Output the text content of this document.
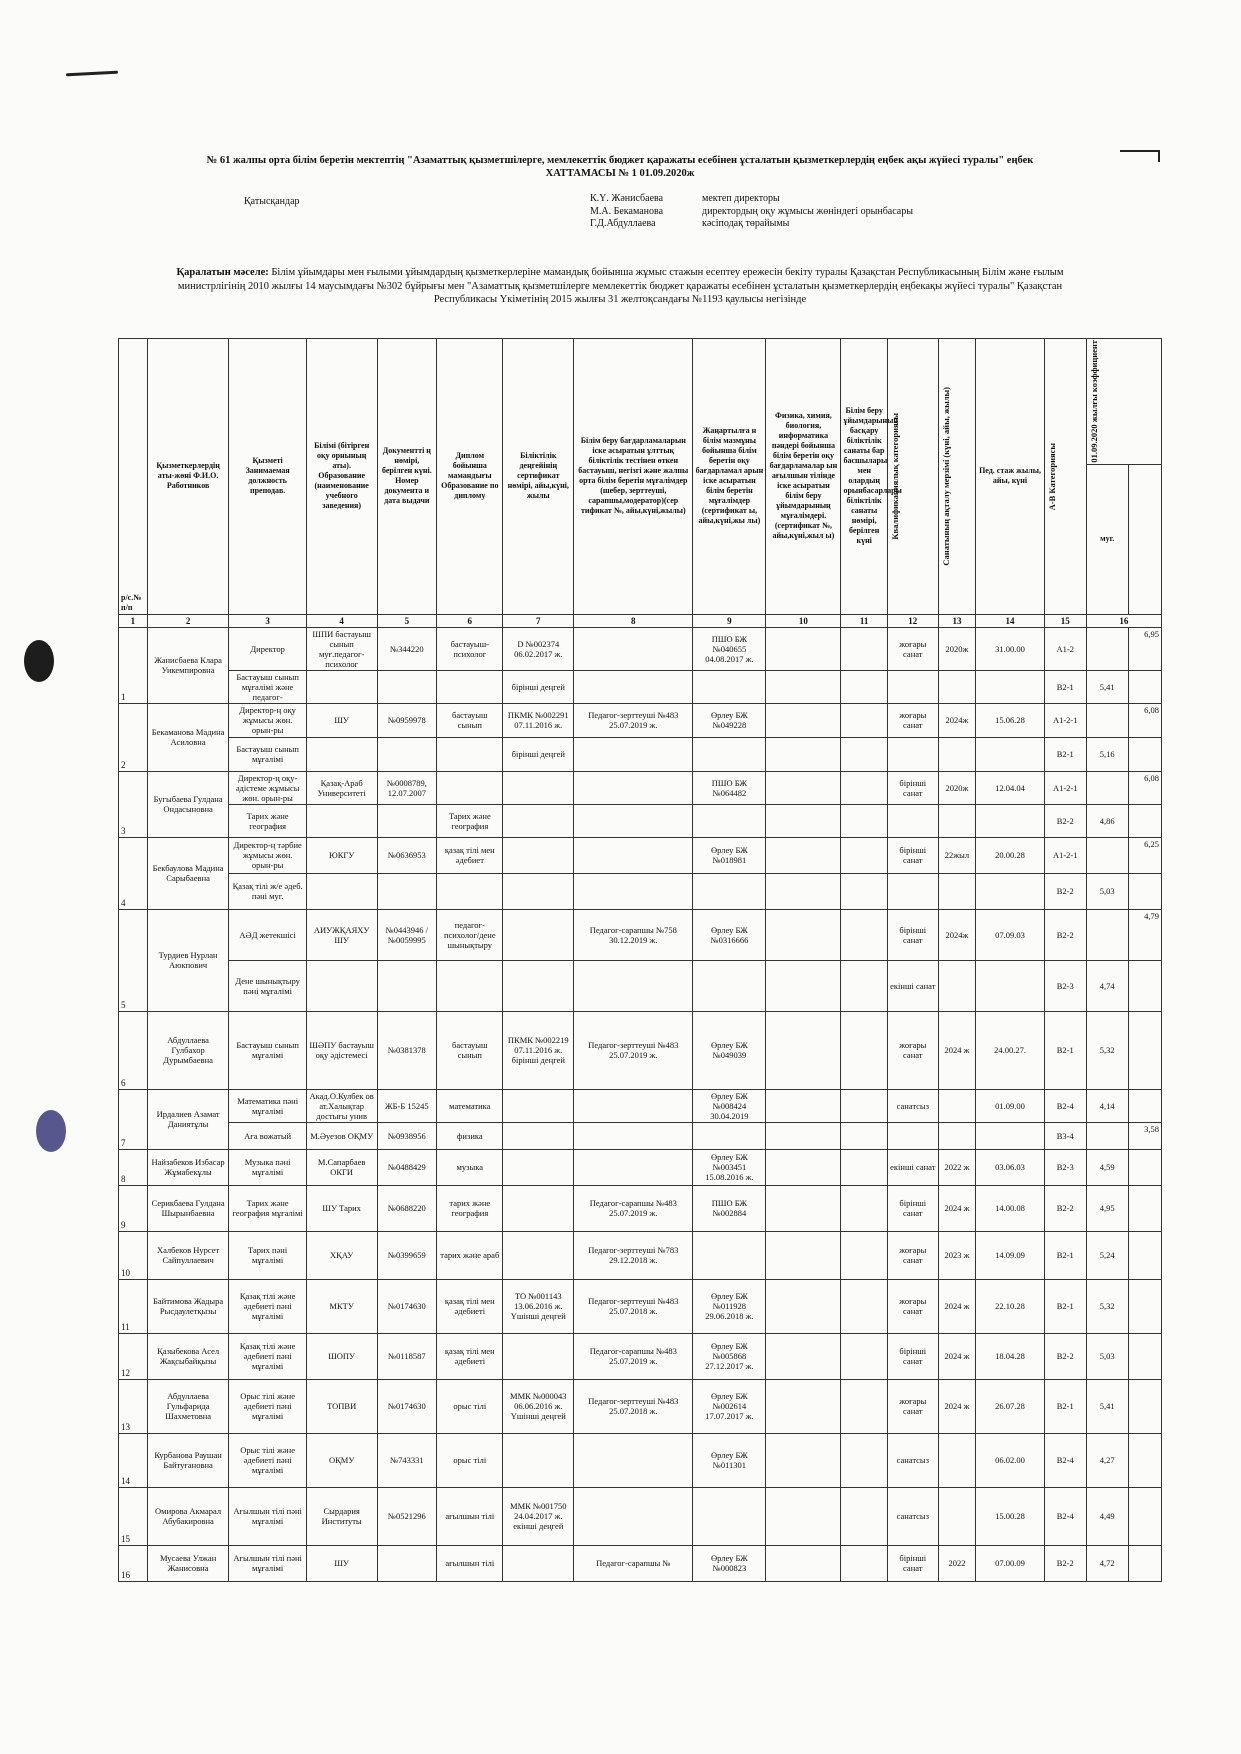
№ 61 жалпы орта білім беретін мектептің "Азаматтық қызметшілерге, мемлекеттік бюджет қаражаты есебінен ұсталатын қызметкерлердің еңбек ақы жүйесі туралы" еңбек
ХАТТАМАСЫ № 1 01.09.2020ж
Қатысқандар	К.Ү. Жәнисбаева	мектеп директоры
М.А. Бекаманова	директордың оқу жұмысы жөніндегі орынбасары
Г.Д.Абдуллаева	кәсіподақ төрайымы
Қаралатын мәселе: Білім ұйымдары мен ғылыми ұйымдардың қызметкерлеріне мамандық бойынша жұмыс стажын есептеу ережесін бекіту туралы Қазақстан Республикасының Білім және ғылым министрлігінің 2010 жылғы 14 маусымдағы №302 бұйрығы мен "Азаматтық қызметшілерге мемлекеттік бюджет қаражаты есебінен ұсталатын қызметкерлердің еңбекақы жүйесі туралы" Қазақстан Республикасы Үкіметінің 2015 жылғы 31 желтоқсандағы №1193 қаулысы негізінде
р/с.№ п/п	Қызметкерлердің аты-жөні Ф.И.О. Работников	Қызметі Занимаемая должность преподав.	Білімі (бітірген оқу орнының аты). Образование (наименование учебного заведения)	Документті ң нөмірі, берілген күні. Номер документа и дата выдачи	Диплом бойынша мамандығы Образование по диплому	Біліктілік деңгейінің сертификат нөмірі, айы,күні, жылы	Білім беру бағдарламаларын іске асыратын ұлттық біліктілік тестінен өткен бастауыш, негізгі және жалпы орта білім беретін мұғалімдер (шебер, зерттеуші, сарапшы,модератор)(сер тификат №, айы,күні,жылы)	Жаңартылға н білім мазмұны бойынша білім беретін оқу бағдарламал арын іске асыратын білім беретін мұғалімдер (сертификат ы, айы,күні,жы лы)	Физика, химия, биология, информатика пәндері бойынша білім беретін оқу бағдарламалар ын ағылшын тілінде іске асыратын білім беру ұйымдарының мұғалімдері. (сертификат №, айы,күні,жыл ы)	Білім беру ұйымдарының басқару біліктілік санаты бар басшылары мен олардың орынбасарлары біліктілік санаты нөмірі, берілген күні	Квалификациялық категориясы	Санатының ақталу мерзімі (күні, айы, жылы)	Пед. стаж жылы, айы, күні	А-В Категориясы	01.09.2020 жылғы коэффициент	

															муг.	
1	2	3	4	5	6	7	8	9	10	11	12	13	14	15	16	
1	Жанисбаева Клара Уикемпировна	Директор	ШПИ бастауыш сынып муғ.педагог-психолог	№344220	бастауыш-психолог	D №002374 06.02.2017 ж.		ПШО БЖ №040655 04.08.2017 ж.			жоғары санат	2020ж	31.00.00	А1-2		6,95
		Бастауыш сынып мұғалімі және педагог-				бірінші деңгей								В2-1	5,41	
2	Бекаманова Мадина Асиловна	Директор-ң оқу жұмысы жөн. орын-ры	ШУ	№0959978	бастауыш сынып	ПКМК №002291 07.11.2016 ж.	Педагог-зерттеуші №483 25.07.2019 ж.	Өрлеу БЖ №049228			жоғары санат	2024ж	15.06.28	А1-2-1		6,08
		Бастауыш сынып мұғалімі				бірінші деңгей								В2-1	5,16	
3	Бугыбаева Гулдана Ондасыновна	Директор-ң оқу-әдістеме жұмысы жөн. орын-ры	Қазақ-Араб Университеті	№0008789, 12.07.2007				ПШО БЖ №064482			бірінші санат	2020ж	12.04.04	А1-2-1		6,08
		Тарих және география			Тарих және география									В2-2	4,86	
4	Бекбаулова Мадина Сарыбаевна	Директор-ң тәрбие жұмысы жөн. орын-ры	ЮКГУ	№0636953	қазақ тілі мен әдебиет			Өрлеу БЖ №018981			бірінші санат	22жыл	20.00.28	А1-2-1		6,25
		Қазақ тілі ж/е әдеб. пәні муг.												В2-2	5,03	
5	Турдиев Нурлан Аюкпович	АӘД жетекшісі	АИУЖҚАЯХУ ШУ	№0443946 / №0059995	педагог-психолог/дене шынықтыру		Педагог-сарапшы №758 30.12.2019 ж.	Өрлеу БЖ №0316666			бірінші санат	2024ж	07.09.03	В2-2		4,79
		Дене шынықтыру пәні мұғалімі									екінші санат			В2-3	4,74	
6	Абдуллаева Гулбахор Дурымбаевна	Бастауыш сынып мұғалімі	ШӘПУ бастауыш оқу әдістемесі	№0381378	бастауыш сынып	ПКМК №002219 07.11.2016 ж. бірінші деңгей	Педагог-зерттеуші №483 25.07.2019 ж.	Өрлеу БЖ №049039			жоғары санат	2024 ж	24.00.27.	В2-1	5,32	
7	Ирдалиев Азамат Даниятұлы	Математика пәні мұғалімі	Акад.О.Кулбек ов ат.Халықтар достығы унив	ЖБ-Б 15245	математика			Өрлеу БЖ №008424 30.04.2019			санатсыз		01.09.00	В2-4	4,14	
		Аға вожатый	М.Әуезов ОҚМУ	№0938956	физика									В3-4		3,58
8	Найзабеков Избасар Жұмабекұлы	Музыка пәні мұғалімі	М.Сапарбаев ОКГИ	№0488429	музыка			Өрлеу БЖ №003451 15.08.2016 ж.			екінші санат	2022 ж	03.06.03	В2-3	4,59	
9	Серикбаева Гулдана Шырынбаевна	Тарих және география мұғалімі	ШУ Тарих	№0688220	тарих және география		Педагог-сарапшы №483 25.07.2019 ж.	ПШО БЖ №002884			бірінші санат	2024 ж	14.00.08	В2-2	4,95	
10	Халбеков Нурсет Сайпуллаевич	Тарих пәні мұғалімі	ХҚАУ	№0399659	тарих және араб		Педагог-зерттеуші №783 29.12.2018 ж.				жоғары санат	2023 ж	14.09.09	В2-1	5,24	
11	Байтимова Жадыра Рысдаулетқызы	Қазақ тілі және әдебиеті пәні мұғалімі	МКТУ	№0174630	қазақ тілі мен әдебиеті	ТО №001143 13.06.2016 ж. Үшінші деңгей	Педагог-зерттеуші №483 25.07.2018 ж.	Өрлеу БЖ №011928 29.06.2018 ж.			жоғары санат	2024 ж	22.10.28	В2-1	5,32	
12	Қазыбекова Асел Жақсыбайқызы	Қазақ тілі және әдебиеті пәні мұғалімі	ШОПУ	№0118587	қазақ тілі мен әдебиеті		Педагог-сарапшы №483 25.07.2019 ж.	Өрлеу БЖ №005868 27.12.2017 ж.			бірінші санат	2024 ж	18.04.28	В2-2	5,03	
13	Абдуллаева Гульфарида Шахметовна	Орыс тілі және әдебиеті пәні мұғалімі	ТОПВИ	№0174630	орыс тілі	ММК №000043 06.06.2016 ж. Үшінші деңгей	Педагог-зерттеуші №483 25.07.2018 ж.	Өрлеу БЖ №002614 17.07.2017 ж.			жоғары санат	2024 ж	26.07.28	В2-1	5,41	
14	Курбанова Раушан Байтуғановна	Орыс тілі және әдебиеті пәні мұғалімі	ОҚМУ	№743331	орыс тілі			Өрлеу БЖ №011301			санатсыз		06.02.00	В2-4	4,27	
15	Омирова Акмарал Абубакировна	Ағылшын тілі пәні мұғалімі	Сырдария Институты	№0521296	ағылшын тілі	ММК №001750 24.04.2017 ж. екінші деңгей					санатсыз		15.00.28	В2-4	4,49	
16	Мусаева Улжан Жанисовна	Ағылшын тілі пәні мұғалімі	ШУ		ағылшын тілі		Педагог-сарапшы №	Өрлеу БЖ №000823			бірінші санат	2022	07.00.09	В2-2	4,72	
